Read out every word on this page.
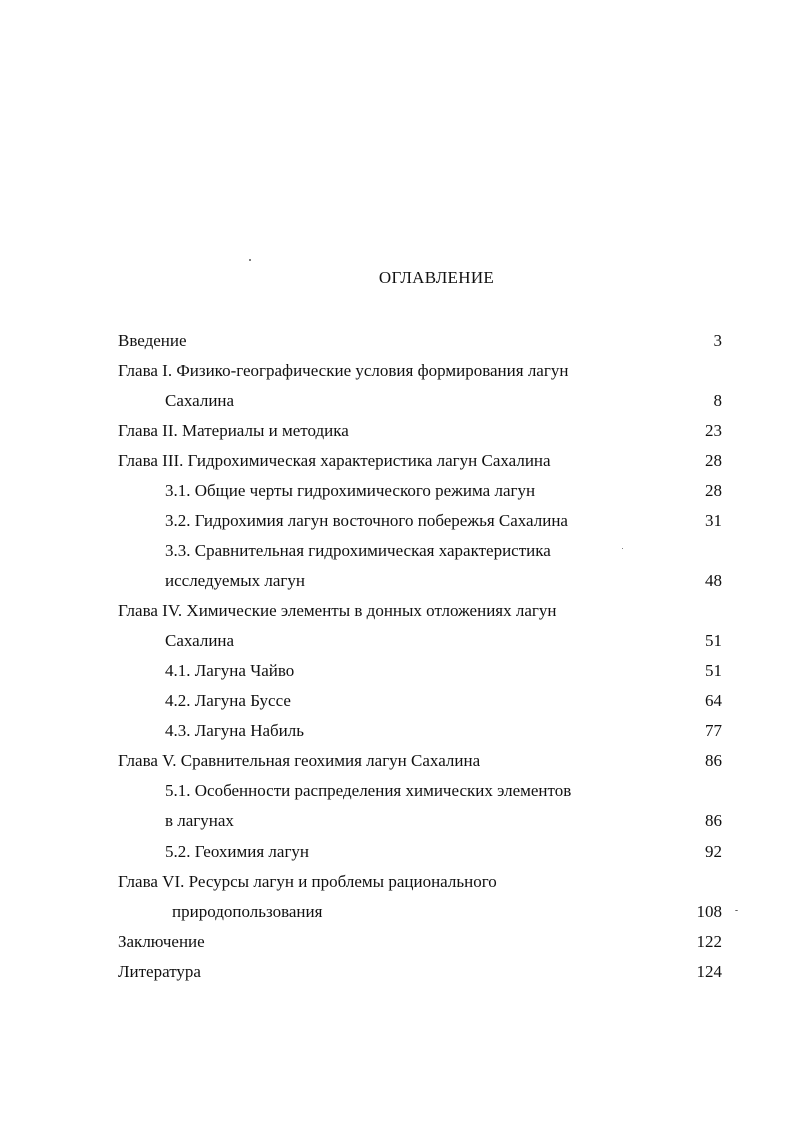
ОГЛАВЛЕНИЕ
Введение	3
Глава I. Физико-географические условия формирования лагун
Сахалина	8
Глава II. Материалы и методика	23
Глава III. Гидрохимическая характеристика лагун Сахалина	28
3.1. Общие черты гидрохимического режима лагун	28
3.2. Гидрохимия лагун восточного побережья Сахалина	31
3.3. Сравнительная гидрохимическая характеристика
исследуемых лагун	48
Глава IV. Химические элементы в донных отложениях лагун
Сахалина	51
4.1. Лагуна Чайво	51
4.2. Лагуна Буссе	64
4.3. Лагуна Набиль	77
Глава V. Сравнительная геохимия лагун Сахалина	86
5.1. Особенности распределения химических элементов
в лагунах	86
5.2. Геохимия лагун	92
Глава VI. Ресурсы лагун и проблемы рационального
природопользования	108
Заключение	122
Литература	124
